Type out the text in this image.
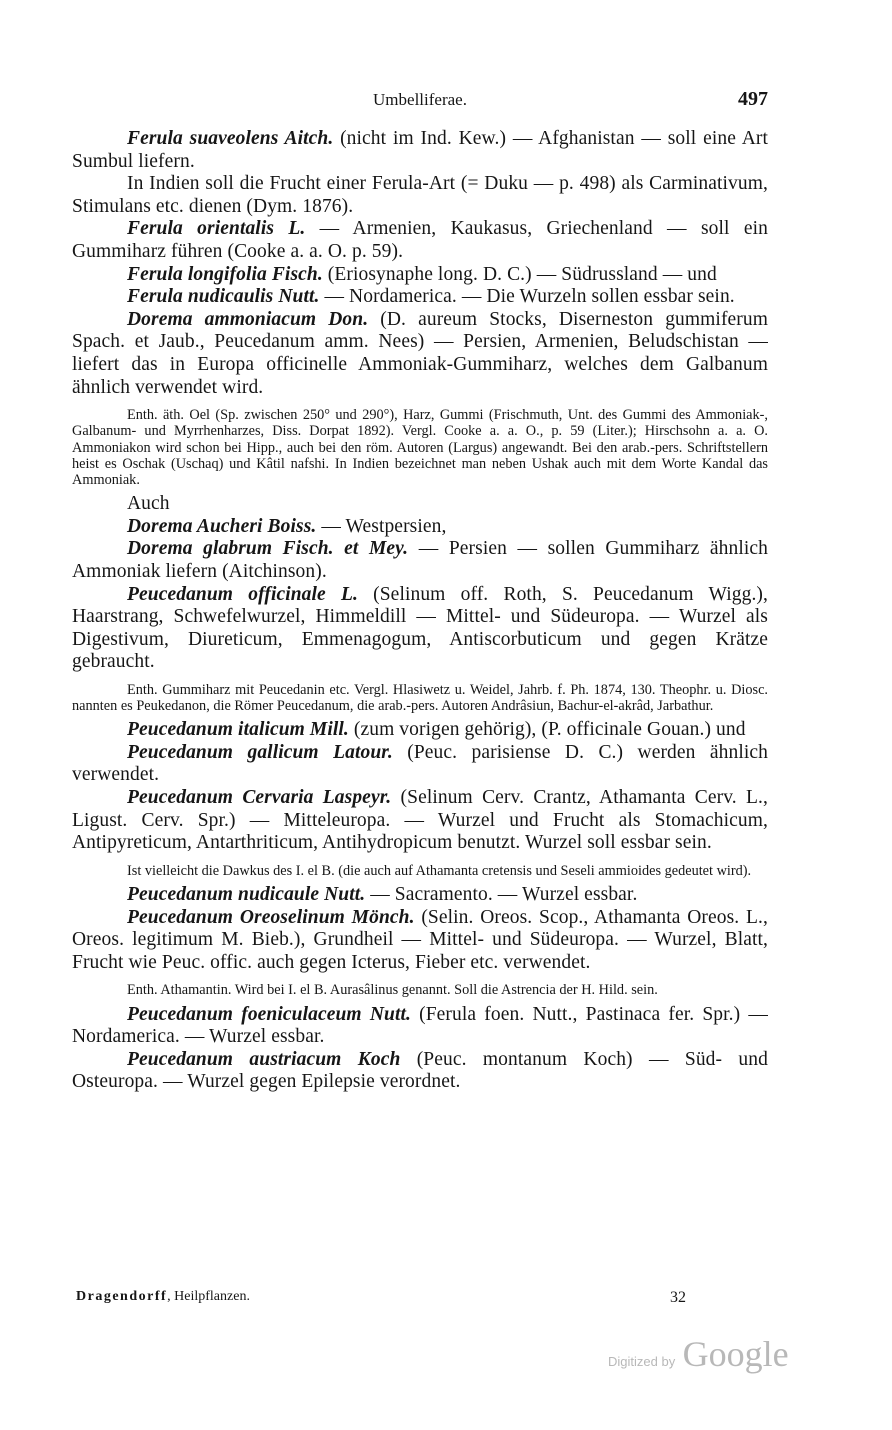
Umbelliferae.	497

Ferula suaveolens Aitch. (nicht im Ind. Kew.) — Afghanistan — soll eine Art Sumbul liefern.

In Indien soll die Frucht einer Ferula-Art (= Duku — p. 498) als Carminativum, Stimulans etc. dienen (Dym. 1876).

Ferula orientalis L. — Armenien, Kaukasus, Griechenland — soll ein Gummiharz führen (Cooke a. a. O. p. 59).

Ferula longifolia Fisch. (Eriosynaphe long. D. C.) — Südrussland — und

Ferula nudicaulis Nutt. — Nordamerica. — Die Wurzeln sollen essbar sein.

Dorema ammoniacum Don. (D. aureum Stocks, Diserneston gummiferum Spach. et Jaub., Peucedanum amm. Nees) — Persien, Armenien, Beludschistan — liefert das in Europa officinelle Ammoniak-Gummiharz, welches dem Galbanum ähnlich verwendet wird.

Enth. äth. Oel (Sp. zwischen 250° und 290°), Harz, Gummi (Frischmuth, Unt. des Gummi des Ammoniak-, Galbanum- und Myrrhenharzes, Diss. Dorpat 1892). Vergl. Cooke a. a. O., p. 59 (Liter.); Hirschsohn a. a. O. Ammoniakon wird schon bei Hipp., auch bei den röm. Autoren (Largus) angewandt. Bei den arab.-pers. Schriftstellern heist es Oschak (Uschaq) und Kâtil nafshi. In Indien bezeichnet man neben Ushak auch mit dem Worte Kandal das Ammoniak.

Auch

Dorema Aucheri Boiss. — Westpersien,

Dorema glabrum Fisch. et Mey. — Persien — sollen Gummiharz ähnlich Ammoniak liefern (Aitchinson).

Peucedanum officinale L. (Selinum off. Roth, S. Peucedanum Wigg.), Haarstrang, Schwefelwurzel, Himmeldill — Mittel- und Südeuropa. — Wurzel als Digestivum, Diureticum, Emmenagogum, Antiscorbuticum und gegen Krätze gebraucht.

Enth. Gummiharz mit Peucedanin etc. Vergl. Hlasiwetz u. Weidel, Jahrb. f. Ph. 1874, 130. Theophr. u. Diosc. nannten es Peukedanon, die Römer Peucedanum, die arab.-pers. Autoren Andrâsiun, Bachur-el-akrâd, Jarbathur.

Peucedanum italicum Mill. (zum vorigen gehörig), (P. officinale Gouan.) und

Peucedanum gallicum Latour. (Peuc. parisiense D. C.) werden ähnlich verwendet.

Peucedanum Cervaria Laspeyr. (Selinum Cerv. Crantz, Athamanta Cerv. L., Ligust. Cerv. Spr.) — Mitteleuropa. — Wurzel und Frucht als Stomachicum, Antipyreticum, Antarthriticum, Antihydropicum benutzt. Wurzel soll essbar sein.

Ist vielleicht die Dawkus des I. el B. (die auch auf Athamanta cretensis und Seseli ammioides gedeutet wird).

Peucedanum nudicaule Nutt. — Sacramento. — Wurzel essbar.

Peucedanum Oreoselinum Mönch. (Selin. Oreos. Scop., Athamanta Oreos. L., Oreos. legitimum M. Bieb.), Grundheil — Mittel- und Südeuropa. — Wurzel, Blatt, Frucht wie Peuc. offic. auch gegen Icterus, Fieber etc. verwendet.

Enth. Athamantin. Wird bei I. el B. Aurasâlinus genannt. Soll die Astrencia der H. Hild. sein.

Peucedanum foeniculaceum Nutt. (Ferula foen. Nutt., Pastinaca fer. Spr.) — Nordamerica. — Wurzel essbar.

Peucedanum austriacum Koch (Peuc. montanum Koch) — Süd- und Osteuropa. — Wurzel gegen Epilepsie verordnet.

Dragendorff, Heilpflanzen.	32
Digitized by Google
